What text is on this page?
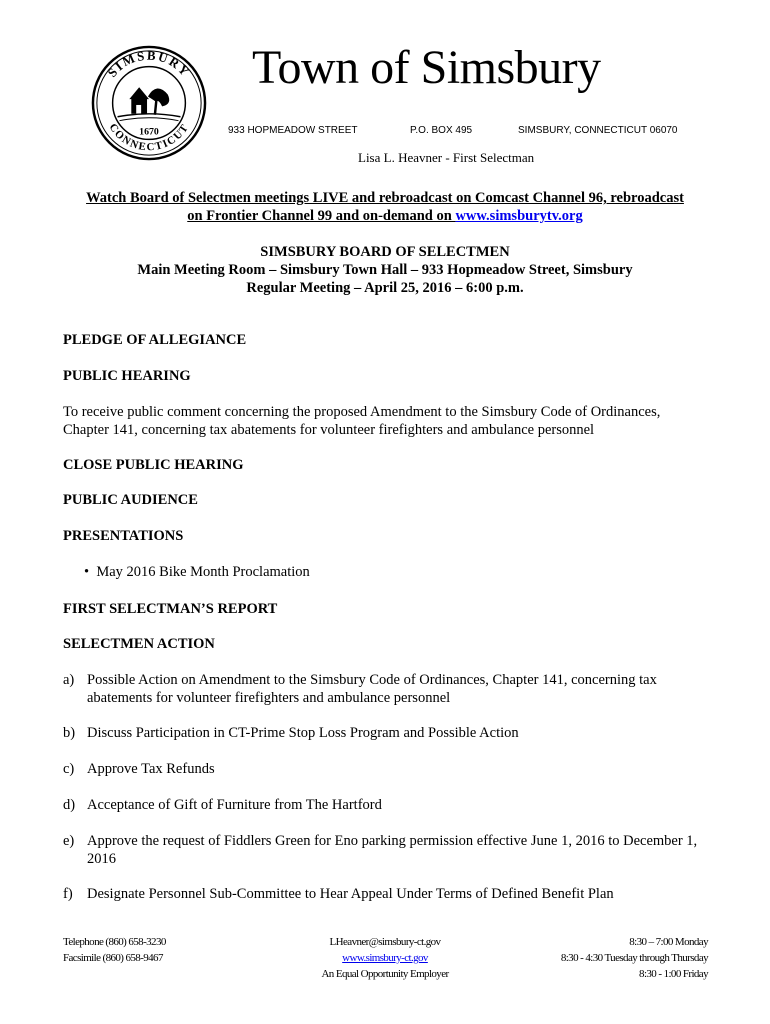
SIMSBURY
CONNECTICUT
1670
Town of Simsbury
933 HOPMEADOW STREET	P.O. BOX 495	SIMSBURY, CONNECTICUT 06070
Lisa L. Heavner - First Selectman
Watch Board of Selectmen meetings LIVE and rebroadcast on Comcast Channel 96, rebroadcast
on Frontier Channel 99 and on-demand on www.simsburytv.org
SIMSBURY BOARD OF SELECTMEN
Main Meeting Room – Simsbury Town Hall – 933 Hopmeadow Street, Simsbury
Regular Meeting – April 25, 2016 – 6:00 p.m.
PLEDGE OF ALLEGIANCE
PUBLIC HEARING
To receive public comment concerning the proposed Amendment to the Simsbury Code of Ordinances,
Chapter 141, concerning tax abatements for volunteer firefighters and ambulance personnel
CLOSE PUBLIC HEARING
PUBLIC AUDIENCE
PRESENTATIONS
•  May 2016 Bike Month Proclamation
FIRST SELECTMAN’S REPORT
SELECTMEN ACTION
a) Possible Action on Amendment to the Simsbury Code of Ordinances, Chapter 141, concerning tax abatements for volunteer firefighters and ambulance personnel
b) Discuss Participation in CT-Prime Stop Loss Program and Possible Action
c) Approve Tax Refunds
d) Acceptance of Gift of Furniture from The Hartford
e) Approve the request of Fiddlers Green for Eno parking permission effective June 1, 2016 to December 1, 2016
f) Designate Personnel Sub-Committee to Hear Appeal Under Terms of Defined Benefit Plan
Telephone (860) 658-3230
Facsimile (860) 658-9467
LHeavner@simsbury-ct.gov
www.simsbury-ct.gov
An Equal Opportunity Employer
8:30 – 7:00 Monday
8:30 - 4:30 Tuesday through Thursday
8:30 - 1:00 Friday
